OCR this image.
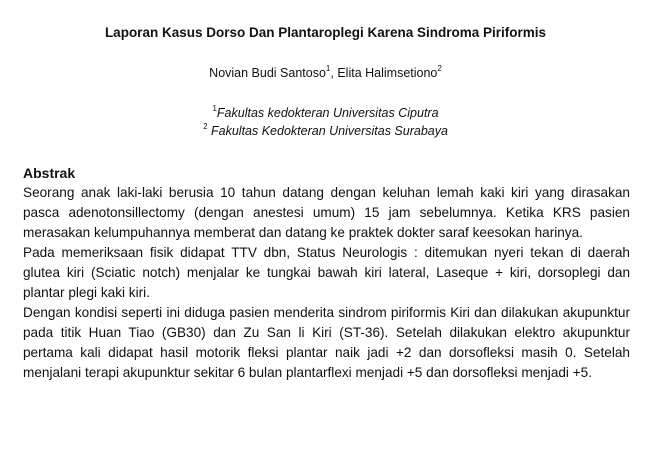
Laporan Kasus Dorso Dan Plantaroplegi Karena Sindroma Piriformis
Novian Budi Santoso$^1$, Elita Halimsetiono$^2$
$^1$Fakultas kedokteran Universitas Ciputra
$^2$ Fakultas Kedokteran Universitas Surabaya
Abstrak

Seorang anak laki-laki berusia 10 tahun datang dengan keluhan lemah kaki kiri yang dirasakan pasca adenotonsillectomy (dengan anestesi umum) 15 jam sebelumnya. Ketika KRS pasien merasakan kelumpuhannya memberat dan datang ke praktek dokter saraf keesokan harinya.

Pada memeriksaan fisik didapat TTV dbn, Status Neurologis : ditemukan nyeri tekan di daerah glutea kiri (Sciatic notch) menjalar ke tungkai bawah kiri lateral, Laseque + kiri, dorsoplegi dan plantar plegi kaki kiri.

Dengan kondisi seperti ini diduga pasien menderita sindrom piriformis Kiri dan dilakukan akupunktur pada titik Huan Tiao (GB30) dan Zu San li Kiri (ST-36). Setelah dilakukan elektro akupunktur pertama kali didapat hasil motorik fleksi plantar naik jadi +2 dan dorsofleksi masih 0. Setelah menjalani terapi akupunktur sekitar 6 bulan plantarflexi menjadi +5 dan dorsofleksi menjadi +5.
